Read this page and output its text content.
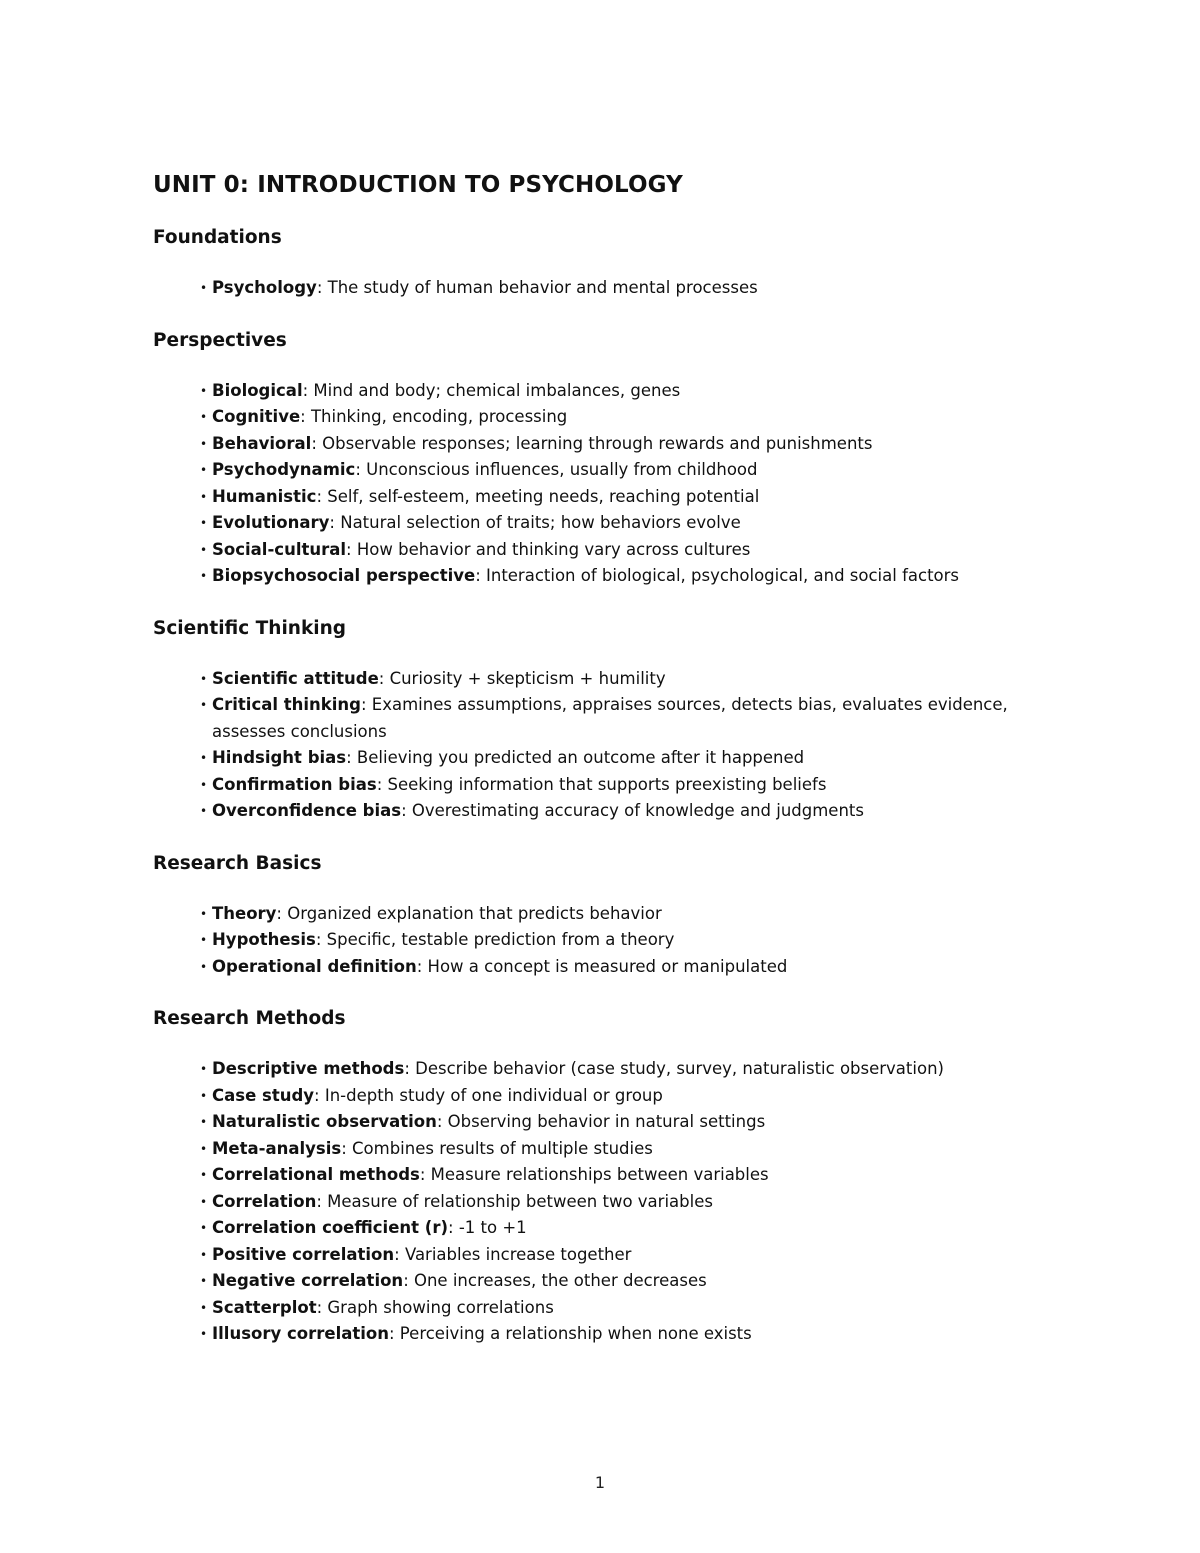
UNIT 0: INTRODUCTION TO PSYCHOLOGY
Foundations
• Psychology: The study of human behavior and mental processes
Perspectives
• Biological: Mind and body; chemical imbalances, genes
• Cognitive: Thinking, encoding, processing
• Behavioral: Observable responses; learning through rewards and punishments
• Psychodynamic: Unconscious influences, usually from childhood
• Humanistic: Self, self-esteem, meeting needs, reaching potential
• Evolutionary: Natural selection of traits; how behaviors evolve
• Social-cultural: How behavior and thinking vary across cultures
• Biopsychosocial perspective: Interaction of biological, psychological, and social factors
Scientific Thinking
• Scientific attitude: Curiosity + skepticism + humility
• Critical thinking: Examines assumptions, appraises sources, detects bias, evaluates evidence, assesses conclusions
• Hindsight bias: Believing you predicted an outcome after it happened
• Confirmation bias: Seeking information that supports preexisting beliefs
• Overconfidence bias: Overestimating accuracy of knowledge and judgments
Research Basics
• Theory: Organized explanation that predicts behavior
• Hypothesis: Specific, testable prediction from a theory
• Operational definition: How a concept is measured or manipulated
Research Methods
• Descriptive methods: Describe behavior (case study, survey, naturalistic observation)
• Case study: In-depth study of one individual or group
• Naturalistic observation: Observing behavior in natural settings
• Meta-analysis: Combines results of multiple studies
• Correlational methods: Measure relationships between variables
• Correlation: Measure of relationship between two variables
• Correlation coefficient (r): -1 to +1
• Positive correlation: Variables increase together
• Negative correlation: One increases, the other decreases
• Scatterplot: Graph showing correlations
• Illusory correlation: Perceiving a relationship when none exists
1
